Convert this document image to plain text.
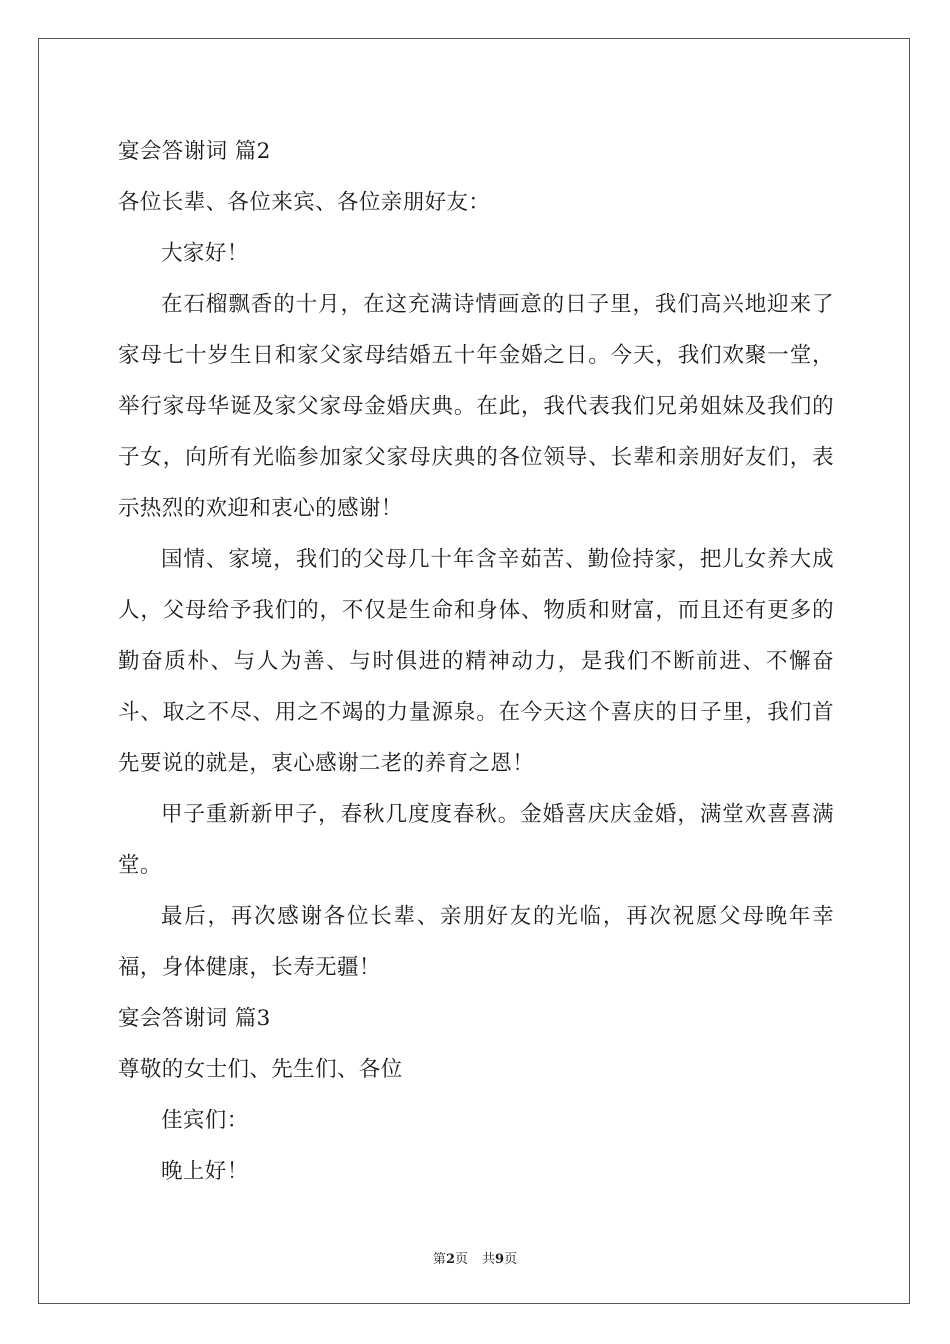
宴会答谢词 篇2
各位长辈、各位来宾、各位亲朋好友：
大家好！
在石榴飘香的十月，在这充满诗情画意的日子里，我们高兴地迎来了家母七十岁生日和家父家母结婚五十年金婚之日。今天，我们欢聚一堂，举行家母华诞及家父家母金婚庆典。在此，我代表我们兄弟姐妹及我们的子女，向所有光临参加家父家母庆典的各位领导、长辈和亲朋好友们，表示热烈的欢迎和衷心的感谢！
国情、家境，我们的父母几十年含辛茹苦、勤俭持家，把儿女养大成人，父母给予我们的，不仅是生命和身体、物质和财富，而且还有更多的勤奋质朴、与人为善、与时俱进的精神动力，是我们不断前进、不懈奋斗、取之不尽、用之不竭的力量源泉。在今天这个喜庆的日子里，我们首先要说的就是，衷心感谢二老的养育之恩！
甲子重新新甲子，春秋几度度春秋。金婚喜庆庆金婚，满堂欢喜喜满堂。
最后，再次感谢各位长辈、亲朋好友的光临，再次祝愿父母晚年幸福，身体健康，长寿无疆！
宴会答谢词 篇3
尊敬的女士们、先生们、各位
佳宾们：
晚上好！
第2页 共9页
